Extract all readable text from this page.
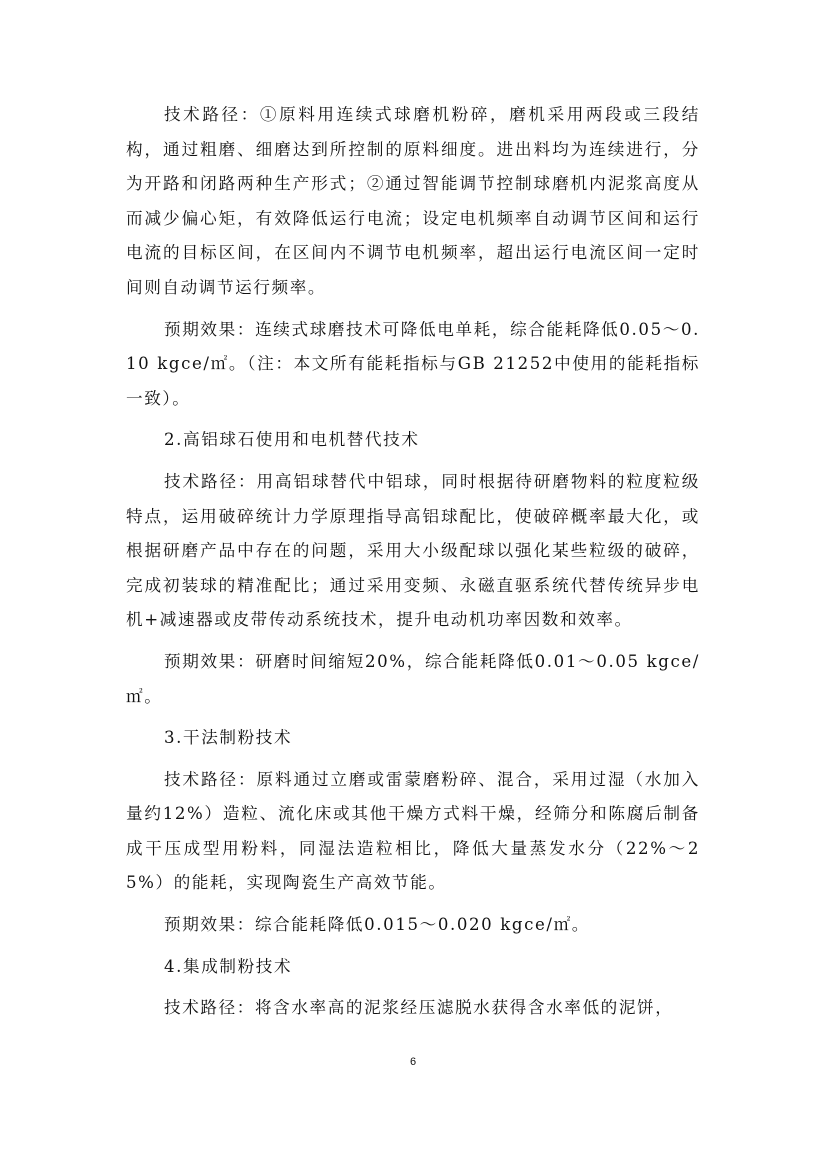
技术路径：①原料用连续式球磨机粉碎，磨机采用两段或三段结构，通过粗磨、细磨达到所控制的原料细度。进出料均为连续进行，分为开路和闭路两种生产形式；②通过智能调节控制球磨机内泥浆高度从而减少偏心矩，有效降低运行电流；设定电机频率自动调节区间和运行电流的目标区间，在区间内不调节电机频率，超出运行电流区间一定时间则自动调节运行频率。

预期效果：连续式球磨技术可降低电单耗，综合能耗降低0.05～0.10 kgce/㎡。（注：本文所有能耗指标与GB 21252中使用的能耗指标一致）。

2.高铝球石使用和电机替代技术

技术路径：用高铝球替代中铝球，同时根据待研磨物料的粒度粒级特点，运用破碎统计力学原理指导高铝球配比，使破碎概率最大化，或根据研磨产品中存在的问题，采用大小级配球以强化某些粒级的破碎，完成初装球的精准配比；通过采用变频、永磁直驱系统代替传统异步电机+减速器或皮带传动系统技术，提升电动机功率因数和效率。

预期效果：研磨时间缩短20%，综合能耗降低0.01～0.05 kgce/㎡。

3.干法制粉技术

技术路径：原料通过立磨或雷蒙磨粉碎、混合，采用过湿（水加入量约12%）造粒、流化床或其他干燥方式料干燥，经筛分和陈腐后制备成干压成型用粉料，同湿法造粒相比，降低大量蒸发水分（22%～25%）的能耗，实现陶瓷生产高效节能。

预期效果：综合能耗降低0.015～0.020 kgce/㎡。

4.集成制粉技术

技术路径：将含水率高的泥浆经压滤脱水获得含水率低的泥饼，

6
